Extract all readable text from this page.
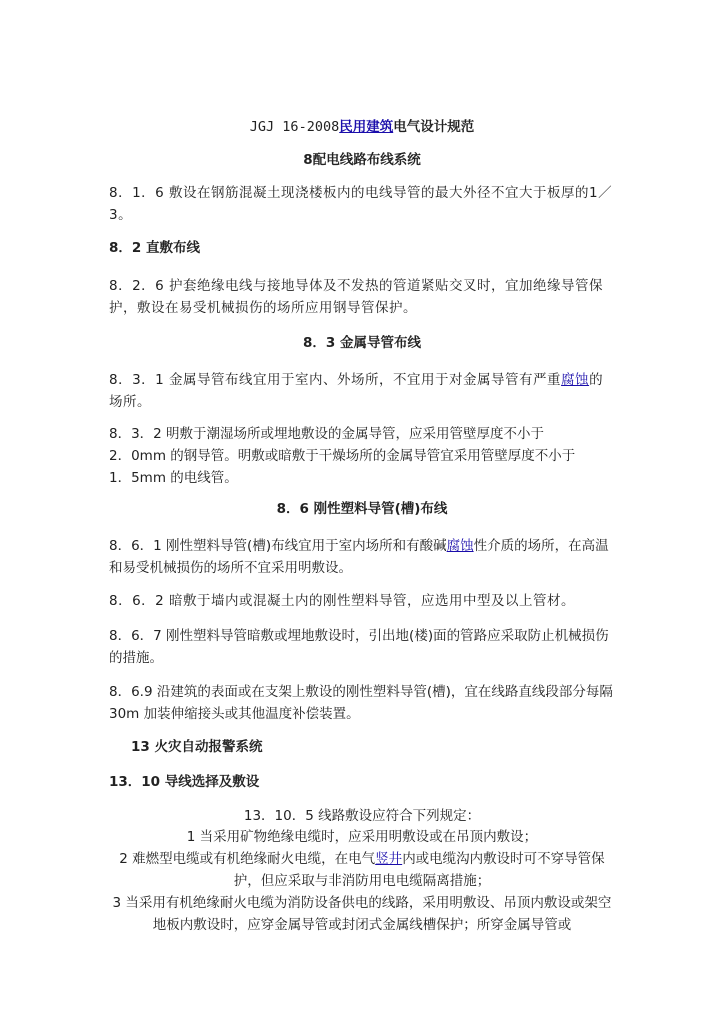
JGJ 16-2008民用建筑电气设计规范
8配电线路布线系统
8．1．6 敷设在钢筋混凝土现浇楼板内的电线导管的最大外径不宜大于板厚的1／3。
8．2 直敷布线
8．2．6 护套绝缘电线与接地导体及不发热的管道紧贴交叉时，宜加绝缘导管保护，敷设在易受机械损伤的场所应用钢导管保护。
8．3 金属导管布线
8．3．1 金属导管布线宜用于室内、外场所，不宜用于对金属导管有严重腐蚀的场所。
8．3．2 明敷于潮湿场所或埋地敷设的金属导管，应采用管壁厚度不小于
2．0mm 的钢导管。明敷或暗敷于干燥场所的金属导管宜采用管壁厚度不小于
1．5mm 的电线管。
8．6 刚性塑料导管(槽)布线
8．6．1 刚性塑料导管(槽)布线宜用于室内场所和有酸碱腐蚀性介质的场所，在高温和易受机械损伤的场所不宜采用明敷设。
8．6．2 暗敷于墙内或混凝土内的刚性塑料导管，应选用中型及以上管材。
8．6．7 刚性塑料导管暗敷或埋地敷设时，引出地(楼)面的管路应采取防止机械损伤的措施。
8．6.9 沿建筑的表面或在支架上敷设的刚性塑料导管(槽)，宜在线路直线段部分每隔 30m 加装伸缩接头或其他温度补偿装置。
13 火灾自动报警系统
13．10 导线选择及敷设
13．10．5 线路敷设应符合下列规定：
1 当采用矿物绝缘电缆时，应采用明敷设或在吊顶内敷设；
2 难燃型电缆或有机绝缘耐火电缆，在电气竖井内或电缆沟内敷设时可不穿导管保护，但应采取与非消防用电电缆隔离措施；
3 当采用有机绝缘耐火电缆为消防设备供电的线路，采用明敷设、吊顶内敷设或架空地板内敷设时，应穿金属导管或封闭式金属线槽保护；所穿金属导管或
